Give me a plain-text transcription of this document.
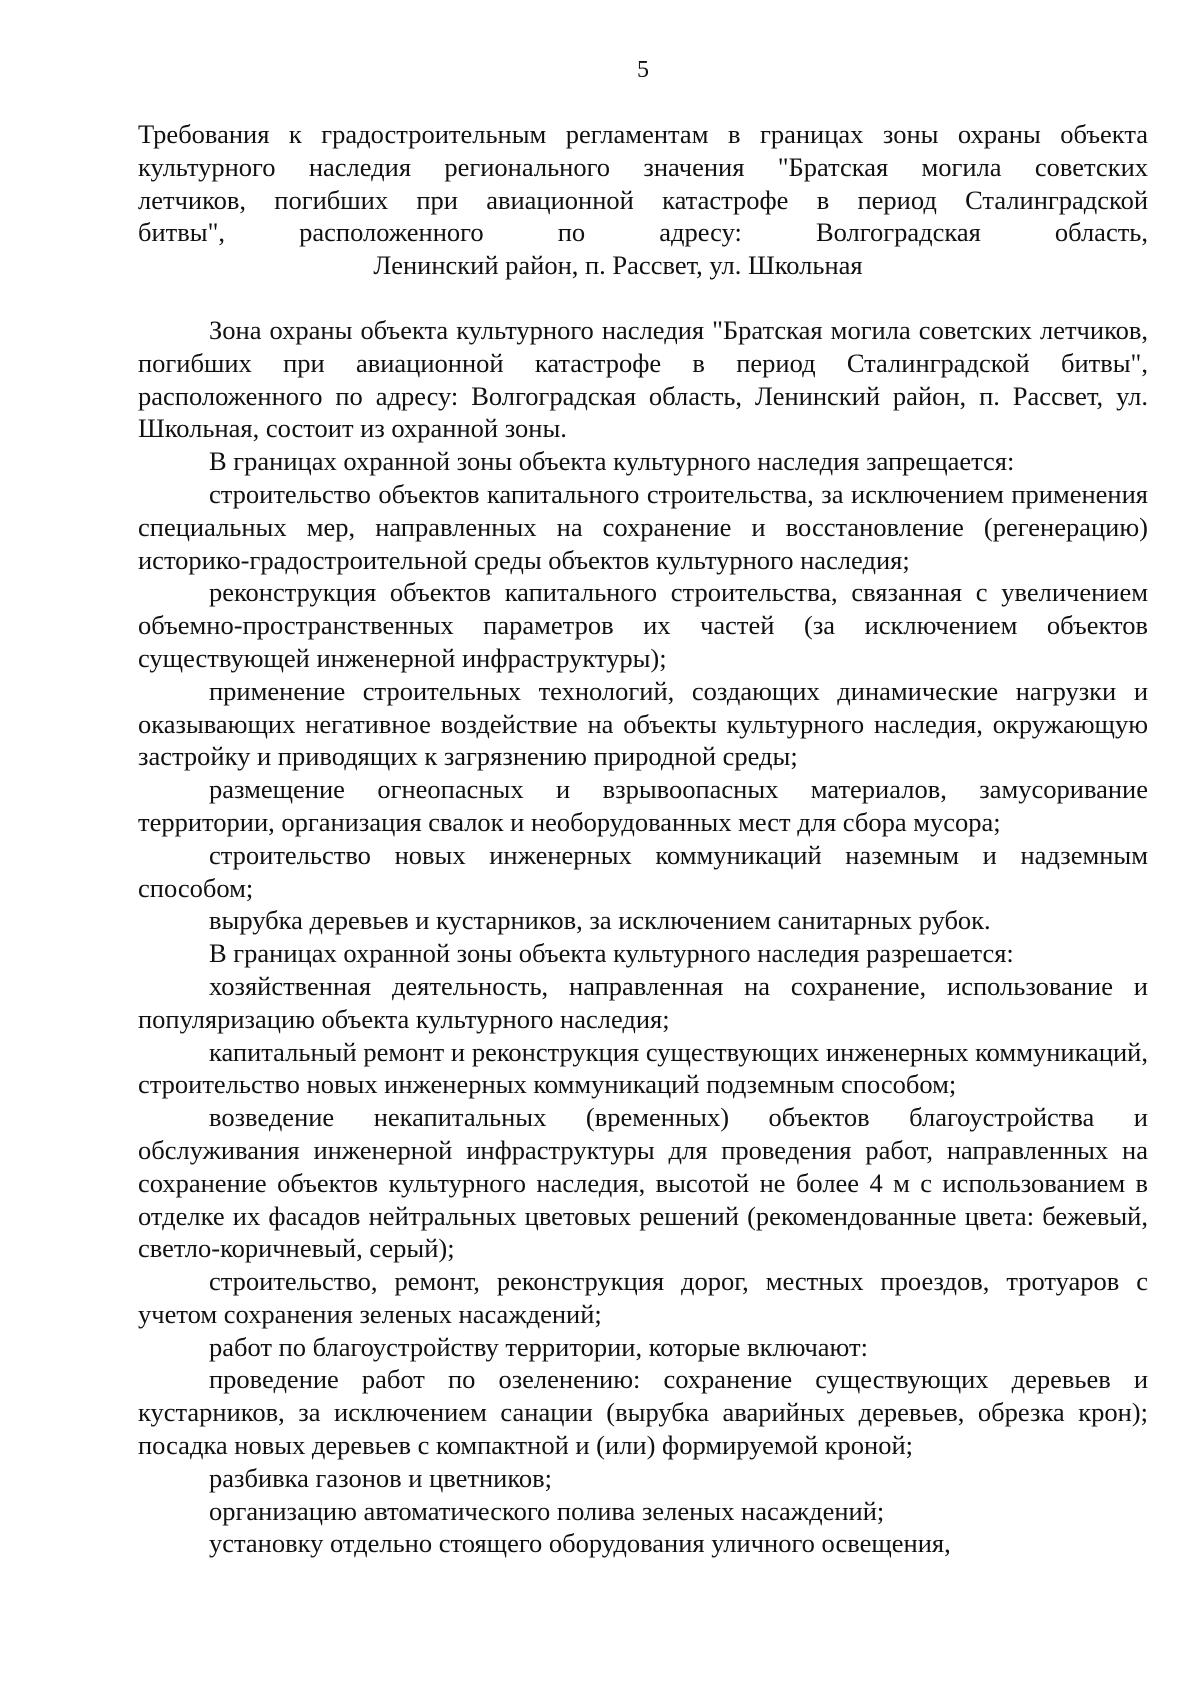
5
Требования к градостроительным регламентам в границах зоны охраны объекта
культурного наследия регионального значения "Братская могила советских
летчиков, погибших при авиационной катастрофе в период Сталинградской
битвы", расположенного по адресу: Волгоградская область,
Ленинский район, п. Рассвет, ул. Школьная

Зона охраны объекта культурного наследия "Братская могила советских летчиков, погибших при авиационной катастрофе в период Сталинградской битвы", расположенного по адресу: Волгоградская область, Ленинский район, п. Рассвет, ул. Школьная, состоит из охранной зоны.

В границах охранной зоны объекта культурного наследия запрещается:

строительство объектов капитального строительства, за исключением применения специальных мер, направленных на сохранение и восстановление (регенерацию) историко-градостроительной среды объектов культурного наследия;

реконструкция объектов капитального строительства, связанная с увеличением объемно-пространственных параметров их частей (за исключением объектов существующей инженерной инфраструктуры);

применение строительных технологий, создающих динамические нагрузки и оказывающих негативное воздействие на объекты культурного наследия, окружающую застройку и приводящих к загрязнению природной среды;

размещение огнеопасных и взрывоопасных материалов, замусоривание территории, организация свалок и необорудованных мест для сбора мусора;

строительство новых инженерных коммуникаций наземным и надземным способом;

вырубка деревьев и кустарников, за исключением санитарных рубок.

В границах охранной зоны объекта культурного наследия разрешается:

хозяйственная деятельность, направленная на сохранение, использование и популяризацию объекта культурного наследия;

капитальный ремонт и реконструкция существующих инженерных коммуникаций, строительство новых инженерных коммуникаций подземным способом;

возведение некапитальных (временных) объектов благоустройства и обслуживания инженерной инфраструктуры для проведения работ, направленных на сохранение объектов культурного наследия, высотой не более 4 м с использованием в отделке их фасадов нейтральных цветовых решений (рекомендованные цвета: бежевый, светло-коричневый, серый);

строительство, ремонт, реконструкция дорог, местных проездов, тротуаров с учетом сохранения зеленых насаждений;

работ по благоустройству территории, которые включают:

проведение работ по озеленению: сохранение существующих деревьев и кустарников, за исключением санации (вырубка аварийных деревьев, обрезка крон); посадка новых деревьев с компактной и (или) формируемой кроной;

разбивка газонов и цветников;

организацию автоматического полива зеленых насаждений;

установку отдельно стоящего оборудования уличного освещения,
